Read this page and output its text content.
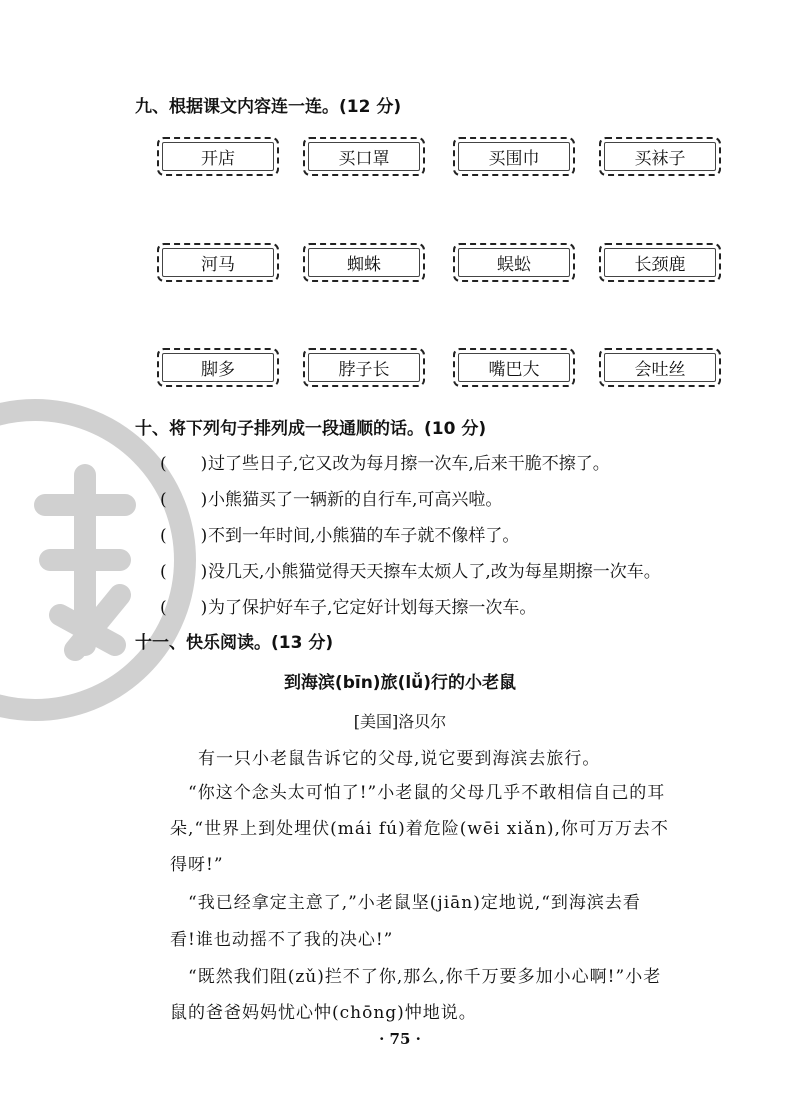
九、根据课文内容连一连。(12 分)
开店	买口罩	买围巾	买袜子
河马	蜘蛛	蜈蚣	长颈鹿
脚多	脖子长	嘴巴大	会吐丝
十、将下列句子排列成一段通顺的话。(10 分)
(　　)过了些日子,它又改为每月擦一次车,后来干脆不擦了。
(　　)小熊猫买了一辆新的自行车,可高兴啦。
(　　)不到一年时间,小熊猫的车子就不像样了。
(　　)没几天,小熊猫觉得天天擦车太烦人了,改为每星期擦一次车。
(　　)为了保护好车子,它定好计划每天擦一次车。
十一、快乐阅读。(13 分)
到海滨(bīn)旅(lǚ)行的小老鼠
[美国]洛贝尔
有一只小老鼠告诉它的父母,说它要到海滨去旅行。
“你这个念头太可怕了!”小老鼠的父母几乎不敢相信自己的耳
朵,“世界上到处埋伏(mái fú)着危险(wēi xiǎn),你可万万去不
得呀!”
“我已经拿定主意了,”小老鼠坚(jiān)定地说,“到海滨去看
看!谁也动摇不了我的决心!”
“既然我们阻(zǔ)拦不了你,那么,你千万要多加小心啊!”小老
鼠的爸爸妈妈忧心忡(chōng)忡地说。
· 75 ·
